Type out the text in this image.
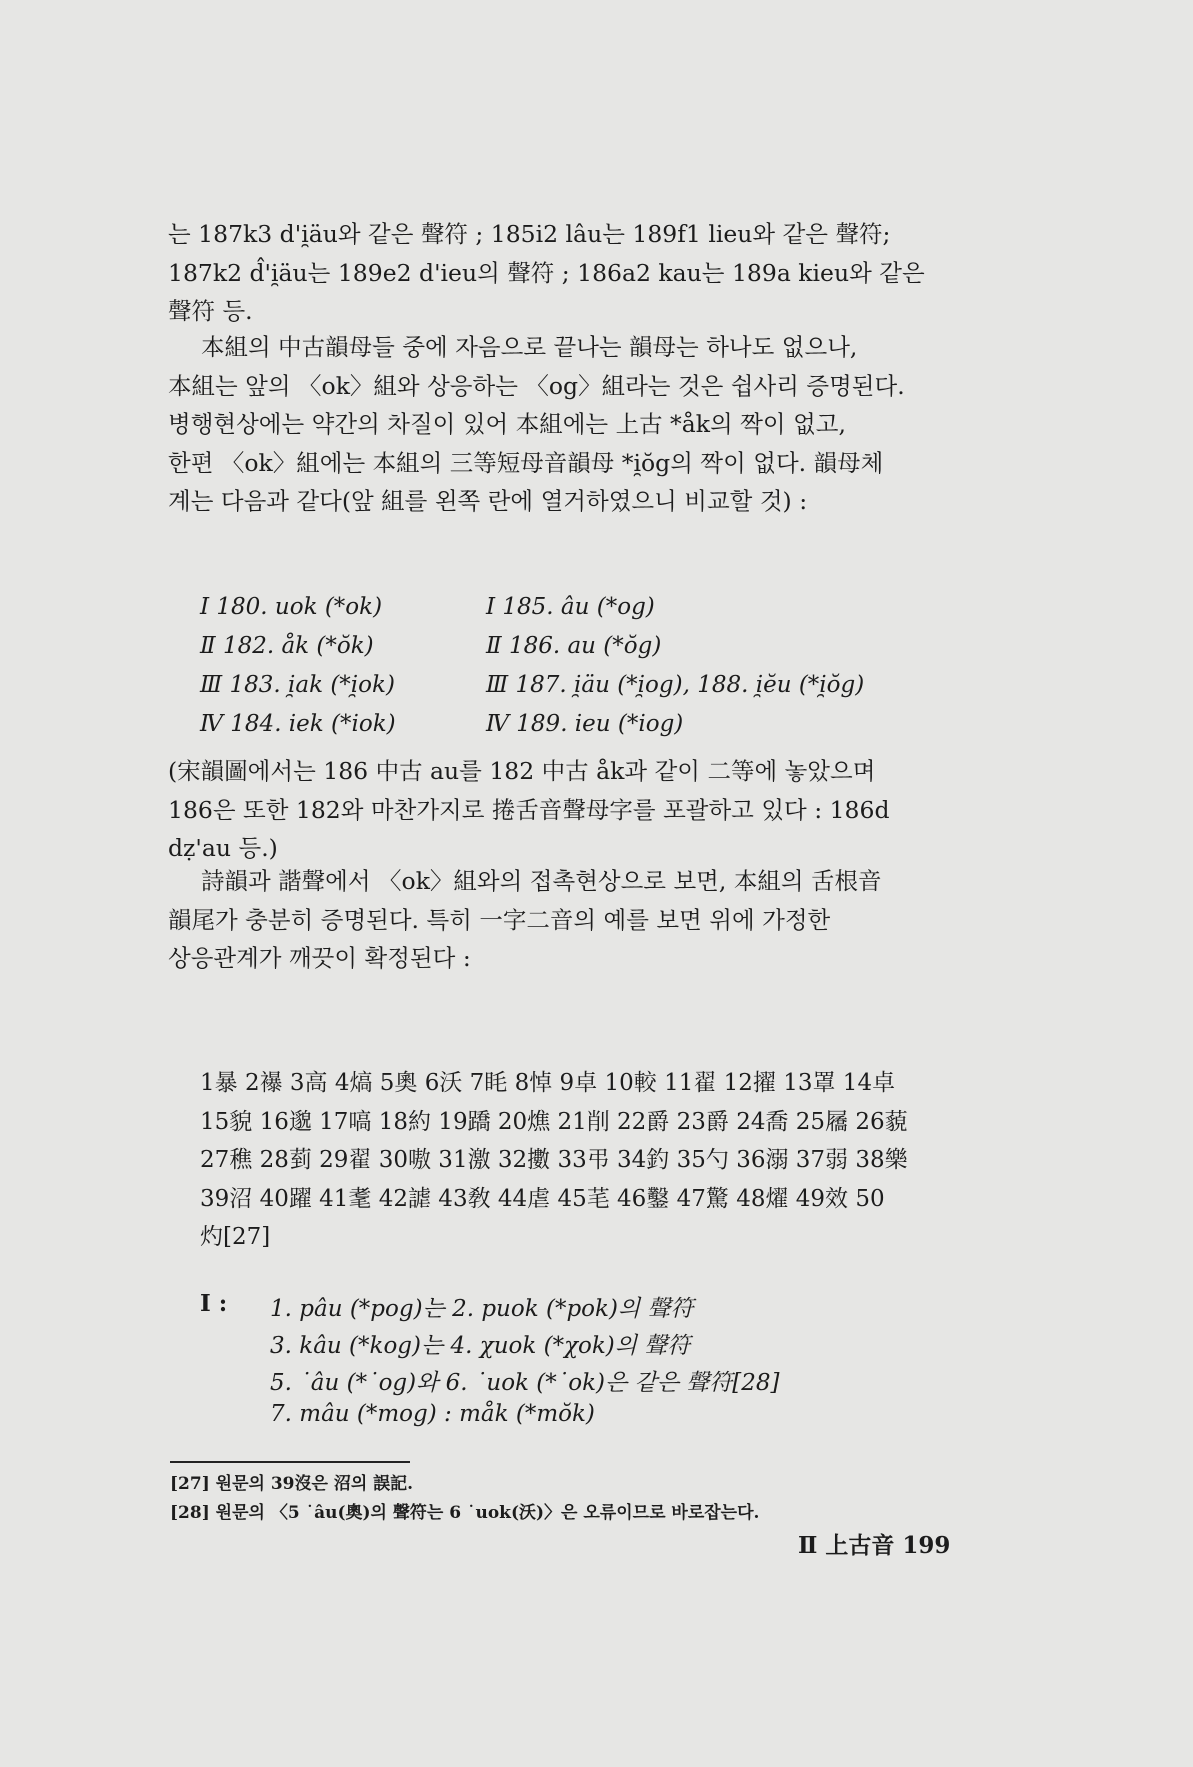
는 187k3 d'i̯äu와 같은 聲符 ; 185i2 lâu는 189f1 lieu와 같은 聲符;
187k2 d̂'i̯äu는 189e2 d'ieu의 聲符 ; 186a2 kau는 189a kieu와 같은
聲符 등.
本組의 中古韻母들 중에 자음으로 끝나는 韻母는 하나도 없으나,
本組는 앞의 〈ok〉組와 상응하는 〈og〉組라는 것은 쉽사리 증명된다.
병행현상에는 약간의 차질이 있어 本組에는 上古 *åk의 짝이 없고,
한편 〈ok〉組에는 本組의 三等短母音韻母 *i̯ŏg의 짝이 없다. 韻母체
계는 다음과 같다(앞 組를 왼쪽 란에 열거하였으니 비교할 것) :
Ⅰ 180. uok (*ok)	Ⅰ 185. âu (*og)
Ⅱ 182. åk (*ŏk)	Ⅱ 186. au (*ŏg)
Ⅲ 183. i̯ak (*i̯ok)	Ⅲ 187. i̯äu (*i̯og), 188. i̯ĕu (*i̯ŏg)
Ⅳ 184. iek (*iok)	Ⅳ 189. ieu (*iog)
(宋韻圖에서는 186 中古 au를 182 中古 åk과 같이 二等에 놓았으며
186은 또한 182와 마찬가지로 捲舌音聲母字를 포괄하고 있다 : 186d
dẓ'au 등.)
詩韻과 諧聲에서 〈ok〉組와의 접촉현상으로 보면, 本組의 舌根音
韻尾가 충분히 증명된다. 특히 一字二音의 예를 보면 위에 가정한
상응관계가 깨끗이 확정된다 :
1暴 2襮 3高 4熇 5奧 6沃 7眊 8悼 9卓 10較 11翟 12擢 13罩 14卓
15貌 16邈 17嗃 18約 19蹻 20燋 21削 22爵 23爵 24喬 25屩 26藐
27穛 28菿 29翟 30嗷 31激 32擻 33弔 34釣 35勺 36溺 37弱 38樂
39沼 40躍 41耄 42謔 43敎 44虐 45芼 46鑿 47驚 48燿 49效 50
灼[27]
Ⅰ : 1. pâu (*pog)는 2. puok (*pok)의 聲符
3. kâu (*kog)는 4. χuok (*χok)의 聲符
5. ˙âu (*˙og)와 6. ˙uok (*˙ok)은 같은 聲符[28]
7. mâu (*mog) : måk (*mŏk)
[27] 원문의 39沒은 沼의 誤記.
[28] 원문의 〈5 ˙âu(奧)의 聲符는 6 ˙uok(沃)〉은 오류이므로 바로잡는다.
Ⅱ 上古音 199
